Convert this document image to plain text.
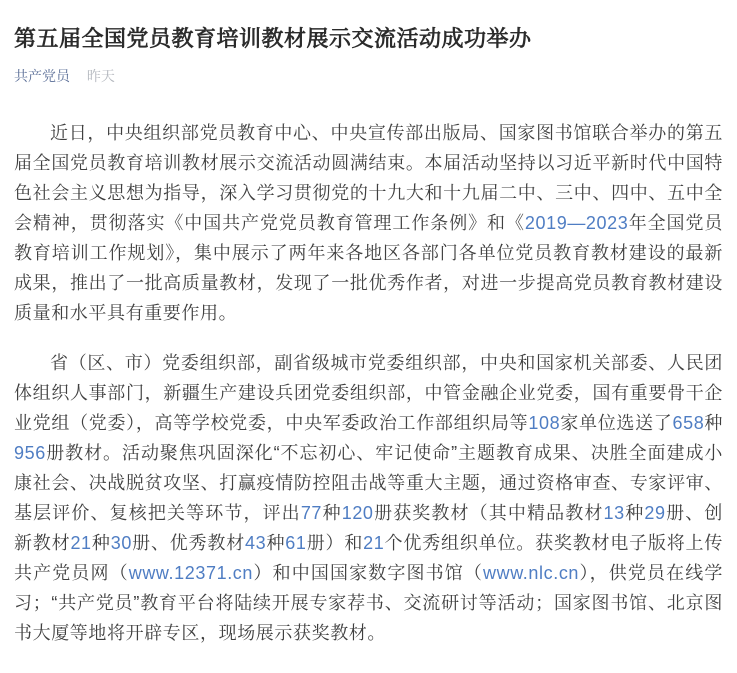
第五届全国党员教育培训教材展示交流活动成功举办
共产党员 昨天

近日，中央组织部党员教育中心、中央宣传部出版局、国家图书馆联合举办的第五届全国党员教育培训教材展示交流活动圆满结束。本届活动坚持以习近平新时代中国特色社会主义思想为指导，深入学习贯彻党的十九大和十九届二中、三中、四中、五中全会精神，贯彻落实《中国共产党党员教育管理工作条例》和《2019—2023年全国党员教育培训工作规划》，集中展示了两年来各地区各部门各单位党员教育教材建设的最新成果，推出了一批高质量教材，发现了一批优秀作者，对进一步提高党员教育教材建设质量和水平具有重要作用。

省（区、市）党委组织部，副省级城市党委组织部，中央和国家机关部委、人民团体组织人事部门，新疆生产建设兵团党委组织部，中管金融企业党委，国有重要骨干企业党组（党委），高等学校党委，中央军委政治工作部组织局等108家单位选送了658种956册教材。活动聚焦巩固深化“不忘初心、牢记使命”主题教育成果、决胜全面建成小康社会、决战脱贫攻坚、打赢疫情防控阻击战等重大主题，通过资格审查、专家评审、基层评价、复核把关等环节，评出77种120册获奖教材（其中精品教材13种29册、创新教材21种30册、优秀教材43种61册）和21个优秀组织单位。获奖教材电子版将上传共产党员网（www.12371.cn）和中国国家数字图书馆（www.nlc.cn），供党员在线学习；“共产党员”教育平台将陆续开展专家荐书、交流研讨等活动；国家图书馆、北京图书大厦等地将开辟专区，现场展示获奖教材。
